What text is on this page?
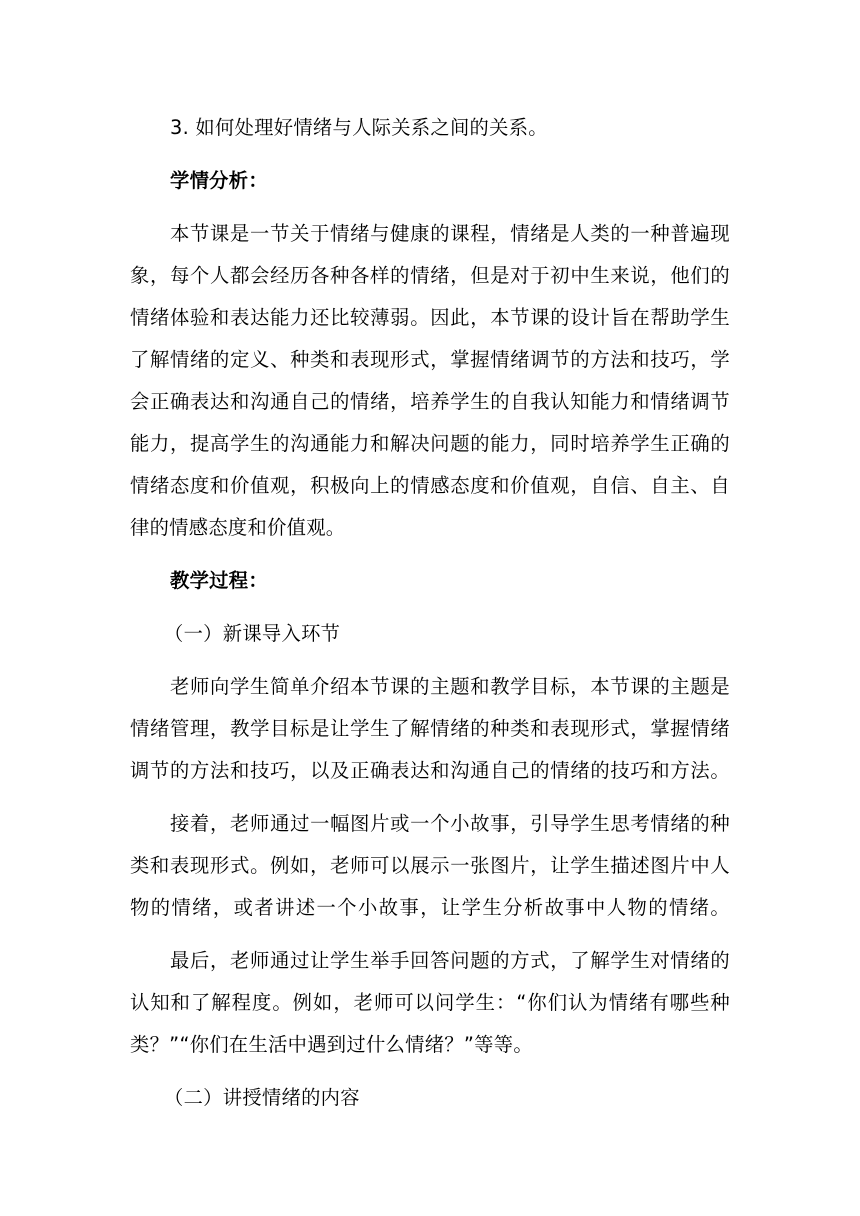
3. 如何处理好情绪与人际关系之间的关系。
学情分析：
本节课是一节关于情绪与健康的课程，情绪是人类的一种普遍现
象，每个人都会经历各种各样的情绪，但是对于初中生来说，他们的
情绪体验和表达能力还比较薄弱。因此，本节课的设计旨在帮助学生
了解情绪的定义、种类和表现形式，掌握情绪调节的方法和技巧，学
会正确表达和沟通自己的情绪，培养学生的自我认知能力和情绪调节
能力，提高学生的沟通能力和解决问题的能力，同时培养学生正确的
情绪态度和价值观，积极向上的情感态度和价值观，自信、自主、自
律的情感态度和价值观。
教学过程：
（一）新课导入环节
老师向学生简单介绍本节课的主题和教学目标，本节课的主题是
情绪管理，教学目标是让学生了解情绪的种类和表现形式，掌握情绪
调节的方法和技巧，以及正确表达和沟通自己的情绪的技巧和方法。
接着，老师通过一幅图片或一个小故事，引导学生思考情绪的种
类和表现形式。例如，老师可以展示一张图片，让学生描述图片中人
物的情绪，或者讲述一个小故事，让学生分析故事中人物的情绪。
最后，老师通过让学生举手回答问题的方式，了解学生对情绪的
认知和了解程度。例如，老师可以问学生：“你们认为情绪有哪些种
类？”“你们在生活中遇到过什么情绪？”等等。
（二）讲授情绪的内容
